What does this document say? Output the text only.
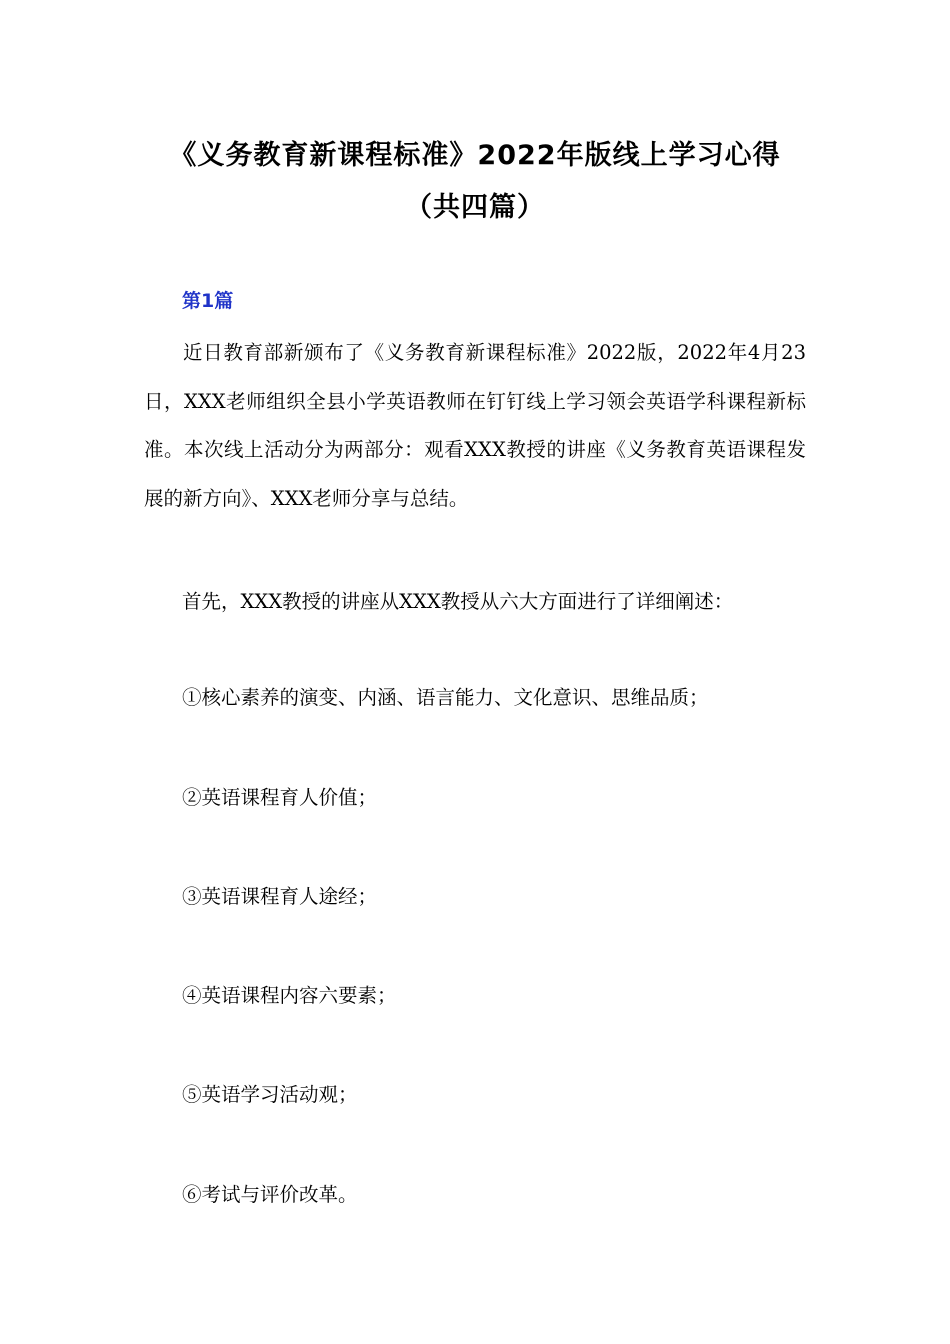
《义务教育新课程标准》2022年版线上学习心得
（共四篇）
第1篇

近日教育部新颁布了《义务教育新课程标准》2022版，2022年4月23日，XXX老师组织全县小学英语教师在钉钉线上学习领会英语学科课程新标准。本次线上活动分为两部分：观看XXX教授的讲座《义务教育英语课程发展的新方向》、XXX老师分享与总结。

首先，XXX教授的讲座从XXX教授从六大方面进行了详细阐述：

①核心素养的演变、内涵、语言能力、文化意识、思维品质；

②英语课程育人价值；

③英语课程育人途经；

④英语课程内容六要素；

⑤英语学习活动观；

⑥考试与评价改革。
